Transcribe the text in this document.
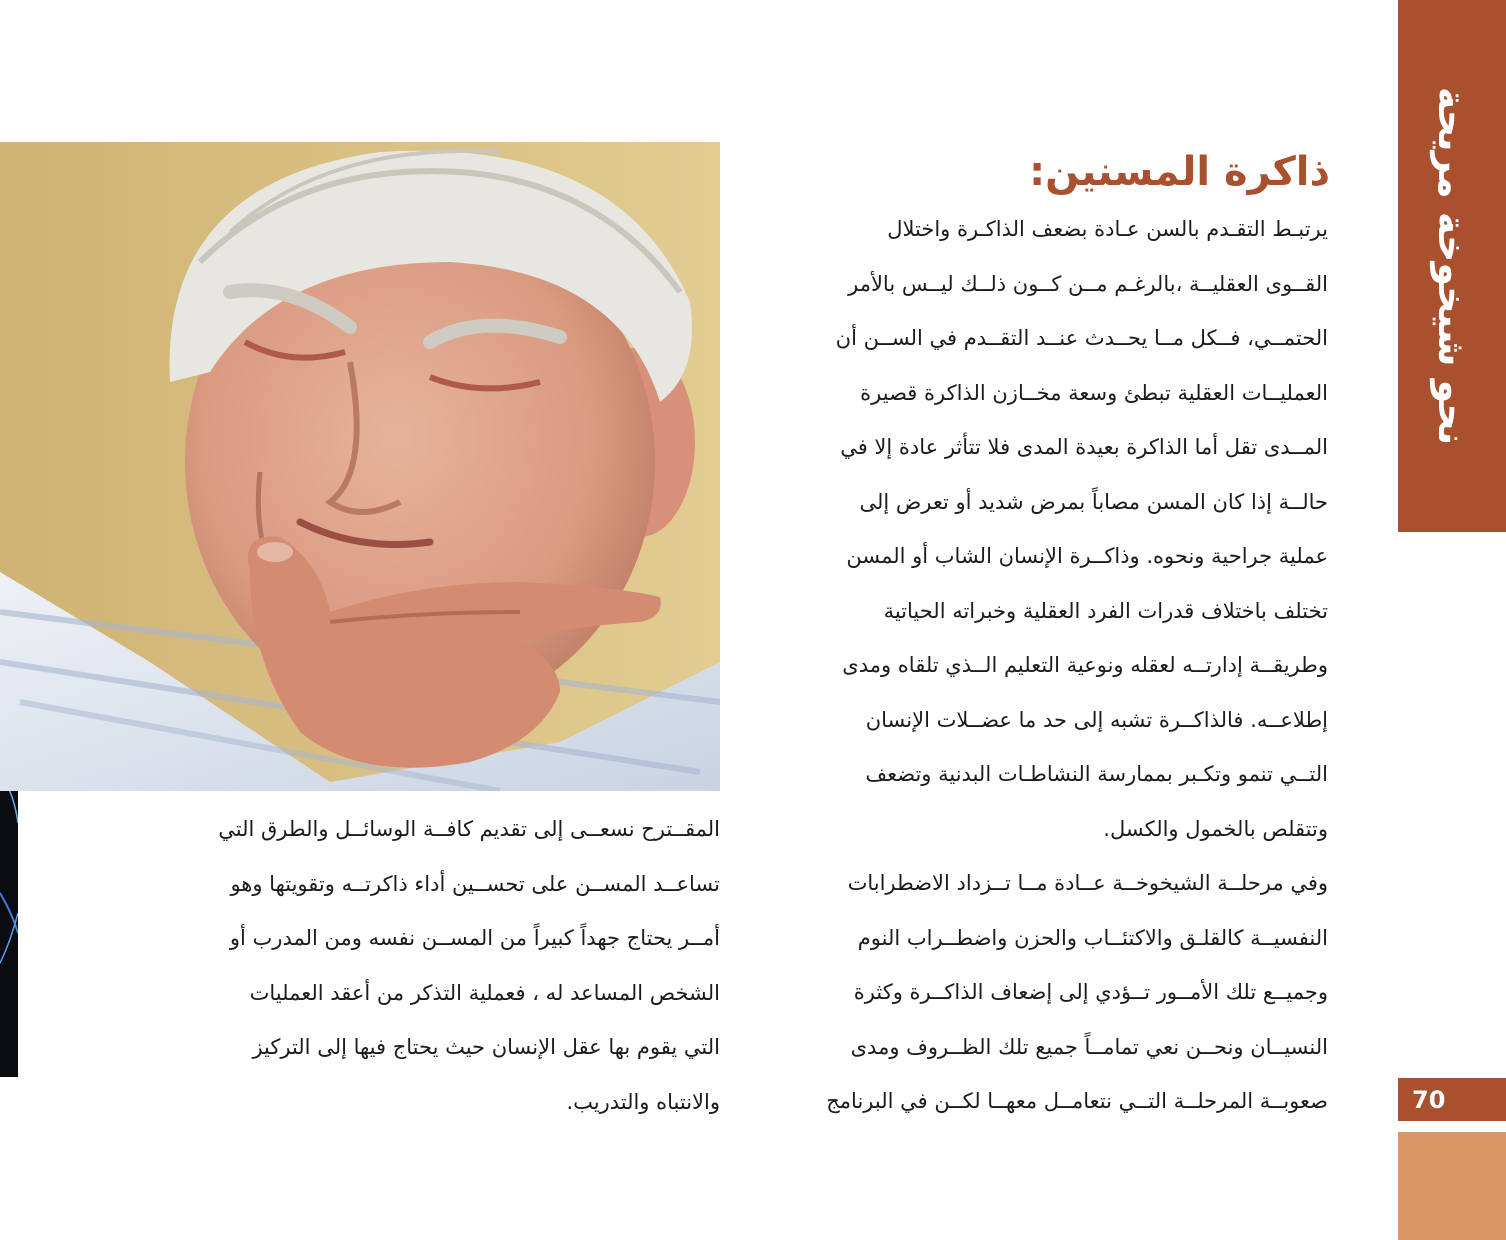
ذاكرة المسنين:
يرتبـط التقـدم بالسن عـادة بضعف الذاكـرة واختلال
القــوى العقليــة ،بالرغـم مــن كــون ذلــك ليــس بالأمر
الحتمــي، فــكل مــا يحــدث عنــد التقــدم في الســن أن
العمليــات العقلية تبطئ وسعة مخــازن الذاكرة قصيرة
المــدى تقل أما الذاكرة بعيدة المدى فلا تتأثر عادة إلا في
حالــة إذا كان المسن مصاباً بمرض شديد أو تعرض إلى
عملية جراحية ونحوه. وذاكــرة الإنسان الشاب أو المسن
تختلف باختلاف قدرات الفرد العقلية وخبراته الحياتية
وطريقــة إدارتــه لعقله ونوعية التعليم الــذي تلقاه ومدى
إطلاعــه. فالذاكــرة تشبه إلى حد ما عضــلات الإنسان
التــي تنمو وتكـبر بممارسة النشاطـات البدنية وتضعف
وتتقلص بالخمول والكسل.
وفي مرحلــة الشيخوخــة عــادة مــا تــزداد الاضطرابات
النفسيــة كالقلـق والاكتئــاب والحزن واضطــراب النوم
وجميــع تلك الأمــور تــؤدي إلى إضعاف الذاكــرة وكثرة
النسيــان ونحــن نعي تمامــاً جميع تلك الظــروف ومدى
صعوبــة المرحلــة التــي نتعامــل معهــا لكــن في البرنامج
المقــترح نسعــى إلى تقديم كافــة الوسائــل والطرق التي
تساعــد المســن على تحســين أداء ذاكرتــه وتقويتها وهو
أمــر يحتاج جهداً كبيراً من المســن نفسه ومن المدرب أو
الشخص المساعد له ، فعملية التذكر من أعقد العمليات
التي يقوم بها عقل الإنسان حيث يحتاج فيها إلى التركيز
والانتباه والتدريب.
نحو شيخوخة مريحة
70
